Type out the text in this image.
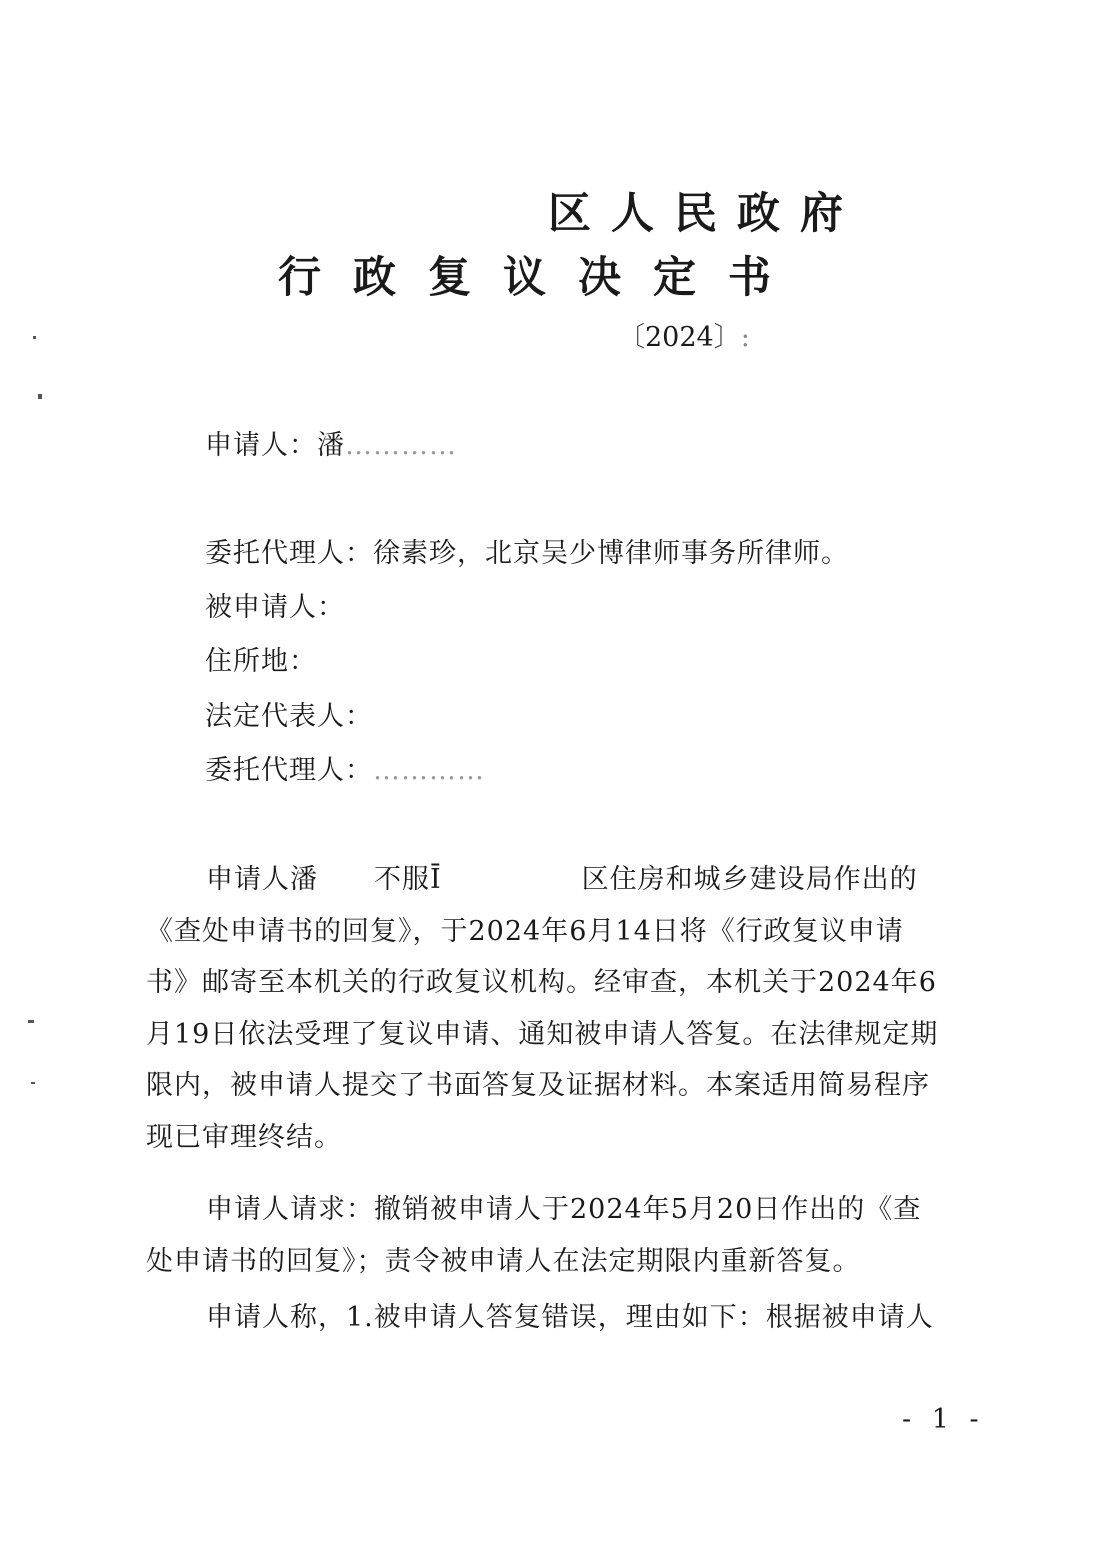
区人民政府
行政复议决定书
〔2024〕:
申请人：潘…………
委托代理人：徐素珍，北京吴少博律师事务所律师。
被申请人：
住所地：
法定代表人：
委托代理人：…………
申请人潘　　不服Ī　　　　　区住房和城乡建设局作出的
《查处申请书的回复》，于2024年6月14日将《行政复议申请
书》邮寄至本机关的行政复议机构。经审查，本机关于2024年6
月19日依法受理了复议申请、通知被申请人答复。在法律规定期
限内，被申请人提交了书面答复及证据材料。本案适用简易程序
现已审理终结。
申请人请求：撤销被申请人于2024年5月20日作出的《查
处申请书的回复》；责令被申请人在法定期限内重新答复。
申请人称，1.被申请人答复错误，理由如下：根据被申请人
- 1 -
